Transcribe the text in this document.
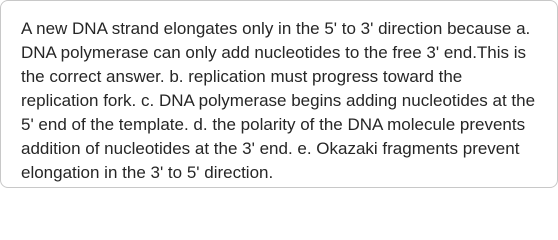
A new DNA strand elongates only in the 5' to 3' direction because a. DNA polymerase can only add nucleotides to the free 3' end.This is the correct answer. b. replication must progress toward the replication fork. c. DNA polymerase begins adding nucleotides at the 5' end of the template. d. the polarity of the DNA molecule prevents addition of nucleotides at the 3' end. e. Okazaki fragments prevent elongation in the 3' to 5' direction.
